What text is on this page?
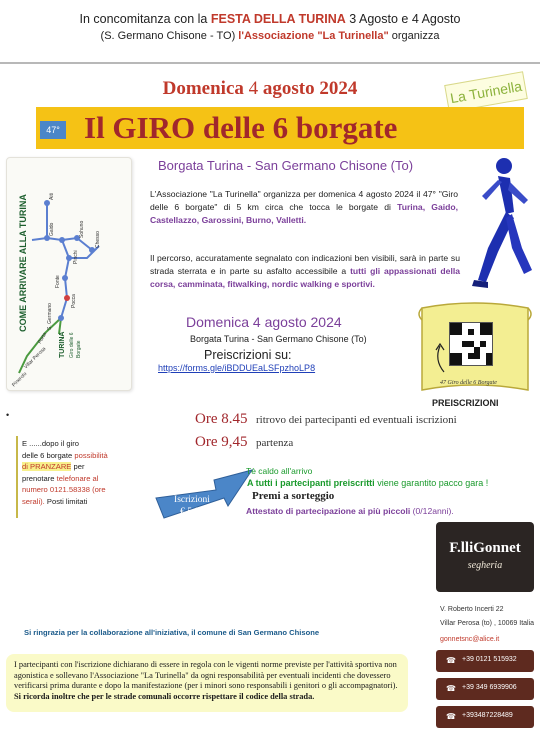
In concomitanza con la FESTA DELLA TURINA 3 Agosto e 4 Agosto
(S. Germano Chisone - TO) l'Associazione "La Turinella" organizza
Domenica 4 agosto 2024	La Turinella
47° Il GIRO delle 6 borgate
COME ARRIVARE ALLA TURINA
TURINA Giro delle 6 Borgate
Aiti
Gaido	Sohuno
Chesso
Pinchi
Fonte
Pocca
S. Germano
Porta
Villar Perosa
Pinerolo
Borgata Turina - San Germano Chisone (To)
L'Associazione "La Turinella" organizza per domenica 4 agosto 2024 il 47° "Giro delle 6 borgate" di 5 km circa che tocca le borgate di Turina, Gaido, Castellazzo, Garossini, Burno, Valletti.
Il percorso, accuratamente segnalato con indicazioni ben visibili, sarà in parte su strada sterrata e in parte su asfalto accessibile a tutti gli appassionati della corsa, camminata, fitwalking, nordic walking e sportivi.
Domenica 4 agosto 2024
Borgata Turina - San Germano Chisone (To)
Preiscrizioni su:
https://forms.gle/iBDDUEaLSFpzhoLP8
47 Giro delle 6 Borgate
PREISCRIZIONI
•	Ore 8.45 ritrovo dei partecipanti ed eventuali iscrizioni
Ore 9,45 partenza
E ......dopo il giro
delle 6 borgate possibilità
di PRANZARE per
prenotare telefonare al
numero 0121.58338 (ore
serali). Posti limitati	Iscrizioni
€ 5,00
Tè caldo all'arrivo
A tutti i partecipanti preiscritti viene garantito pacco gara !
Premi a sorteggio
Attestato di partecipazione ai più piccoli (0/12anni).
F.lliGonnet
segheria
V. Roberto Incerti 22
Villar Perosa (to) , 10069 Italia
gonnetsnc@alice.it
☎ +39 0121 515932
☎ +39 349 6939906
☎ +393487228489
Si ringrazia per la collaborazione all'iniziativa, il comune di San Germano Chisone
I partecipanti con l'iscrizione dichiarano di essere in regola con le vigenti norme previste per l'attività sportiva non agonistica e sollevano l'Associazione "La Turinella" da ogni responsabilità per eventuali incidenti che dovessero verificarsi prima durante e dopo la manifestazione (per i minori sono responsabili i genitori o gli accompagnatori). Si ricorda inoltre che per le strade comunali occorre rispettare il codice della strada.
